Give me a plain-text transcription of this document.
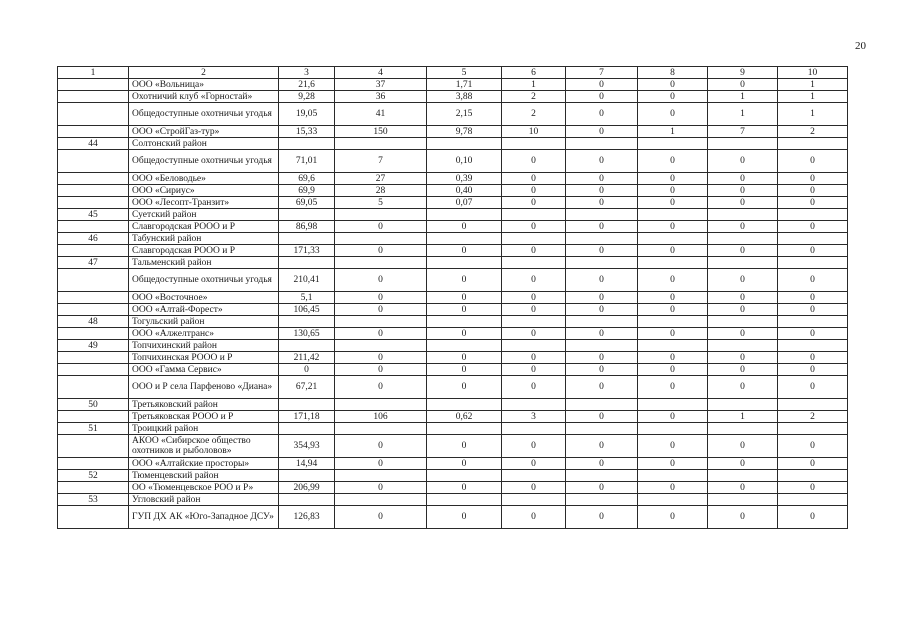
20
1	2	3	4	5	6	7	8	9	10
	ООО «Вольница»	21,6	37	1,71	1	0	0	0	1
	Охотничий клуб «Горностай»	9,28	36	3,88	2	0	0	1	1
	Общедоступные охотничьи угодья	19,05	41	2,15	2	0	0	1	1
	ООО «СтройГаз-тур»	15,33	150	9,78	10	0	1	7	2
44	Солтонский район								
	Общедоступные охотничьи угодья	71,01	7	0,10	0	0	0	0	0
	ООО «Беловодье»	69,6	27	0,39	0	0	0	0	0
	ООО «Сириус»	69,9	28	0,40	0	0	0	0	0
	ООО «Лесопт-Транзит»	69,05	5	0,07	0	0	0	0	0
45	Суетский район								
	Славгородская РООО и Р	86,98	0	0	0	0	0	0	0
46	Табунский район								
	Славгородская РООО и Р	171,33	0	0	0	0	0	0	0
47	Тальменский район								
	Общедоступные охотничьи угодья	210,41	0	0	0	0	0	0	0
	ООО «Восточное»	5,1	0	0	0	0	0	0	0
	ООО «Алтай-Форест»	106,45	0	0	0	0	0	0	0
48	Тогульский район								
	ООО «Алжелтранс»	130,65	0	0	0	0	0	0	0
49	Топчихинский район								
	Топчихинская РООО и Р	211,42	0	0	0	0	0	0	0
	ООО «Гамма Сервис»	0	0	0	0	0	0	0	0
	ООО и Р села Парфеново «Диана»	67,21	0	0	0	0	0	0	0
50	Третьяковский район								
	Третьяковская РООО и Р	171,18	106	0,62	3	0	0	1	2
51	Троицкий район								
	АКОО «Сибирское общество охотников и рыболовов»	354,93	0	0	0	0	0	0	0
	ООО «Алтайские просторы»	14,94	0	0	0	0	0	0	0
52	Тюменцевский район								
	ОО «Тюменцевское РОО и Р»	206,99	0	0	0	0	0	0	0
53	Угловский район								
	ГУП ДХ АК «Юго-Западное ДСУ»	126,83	0	0	0	0	0	0	0
